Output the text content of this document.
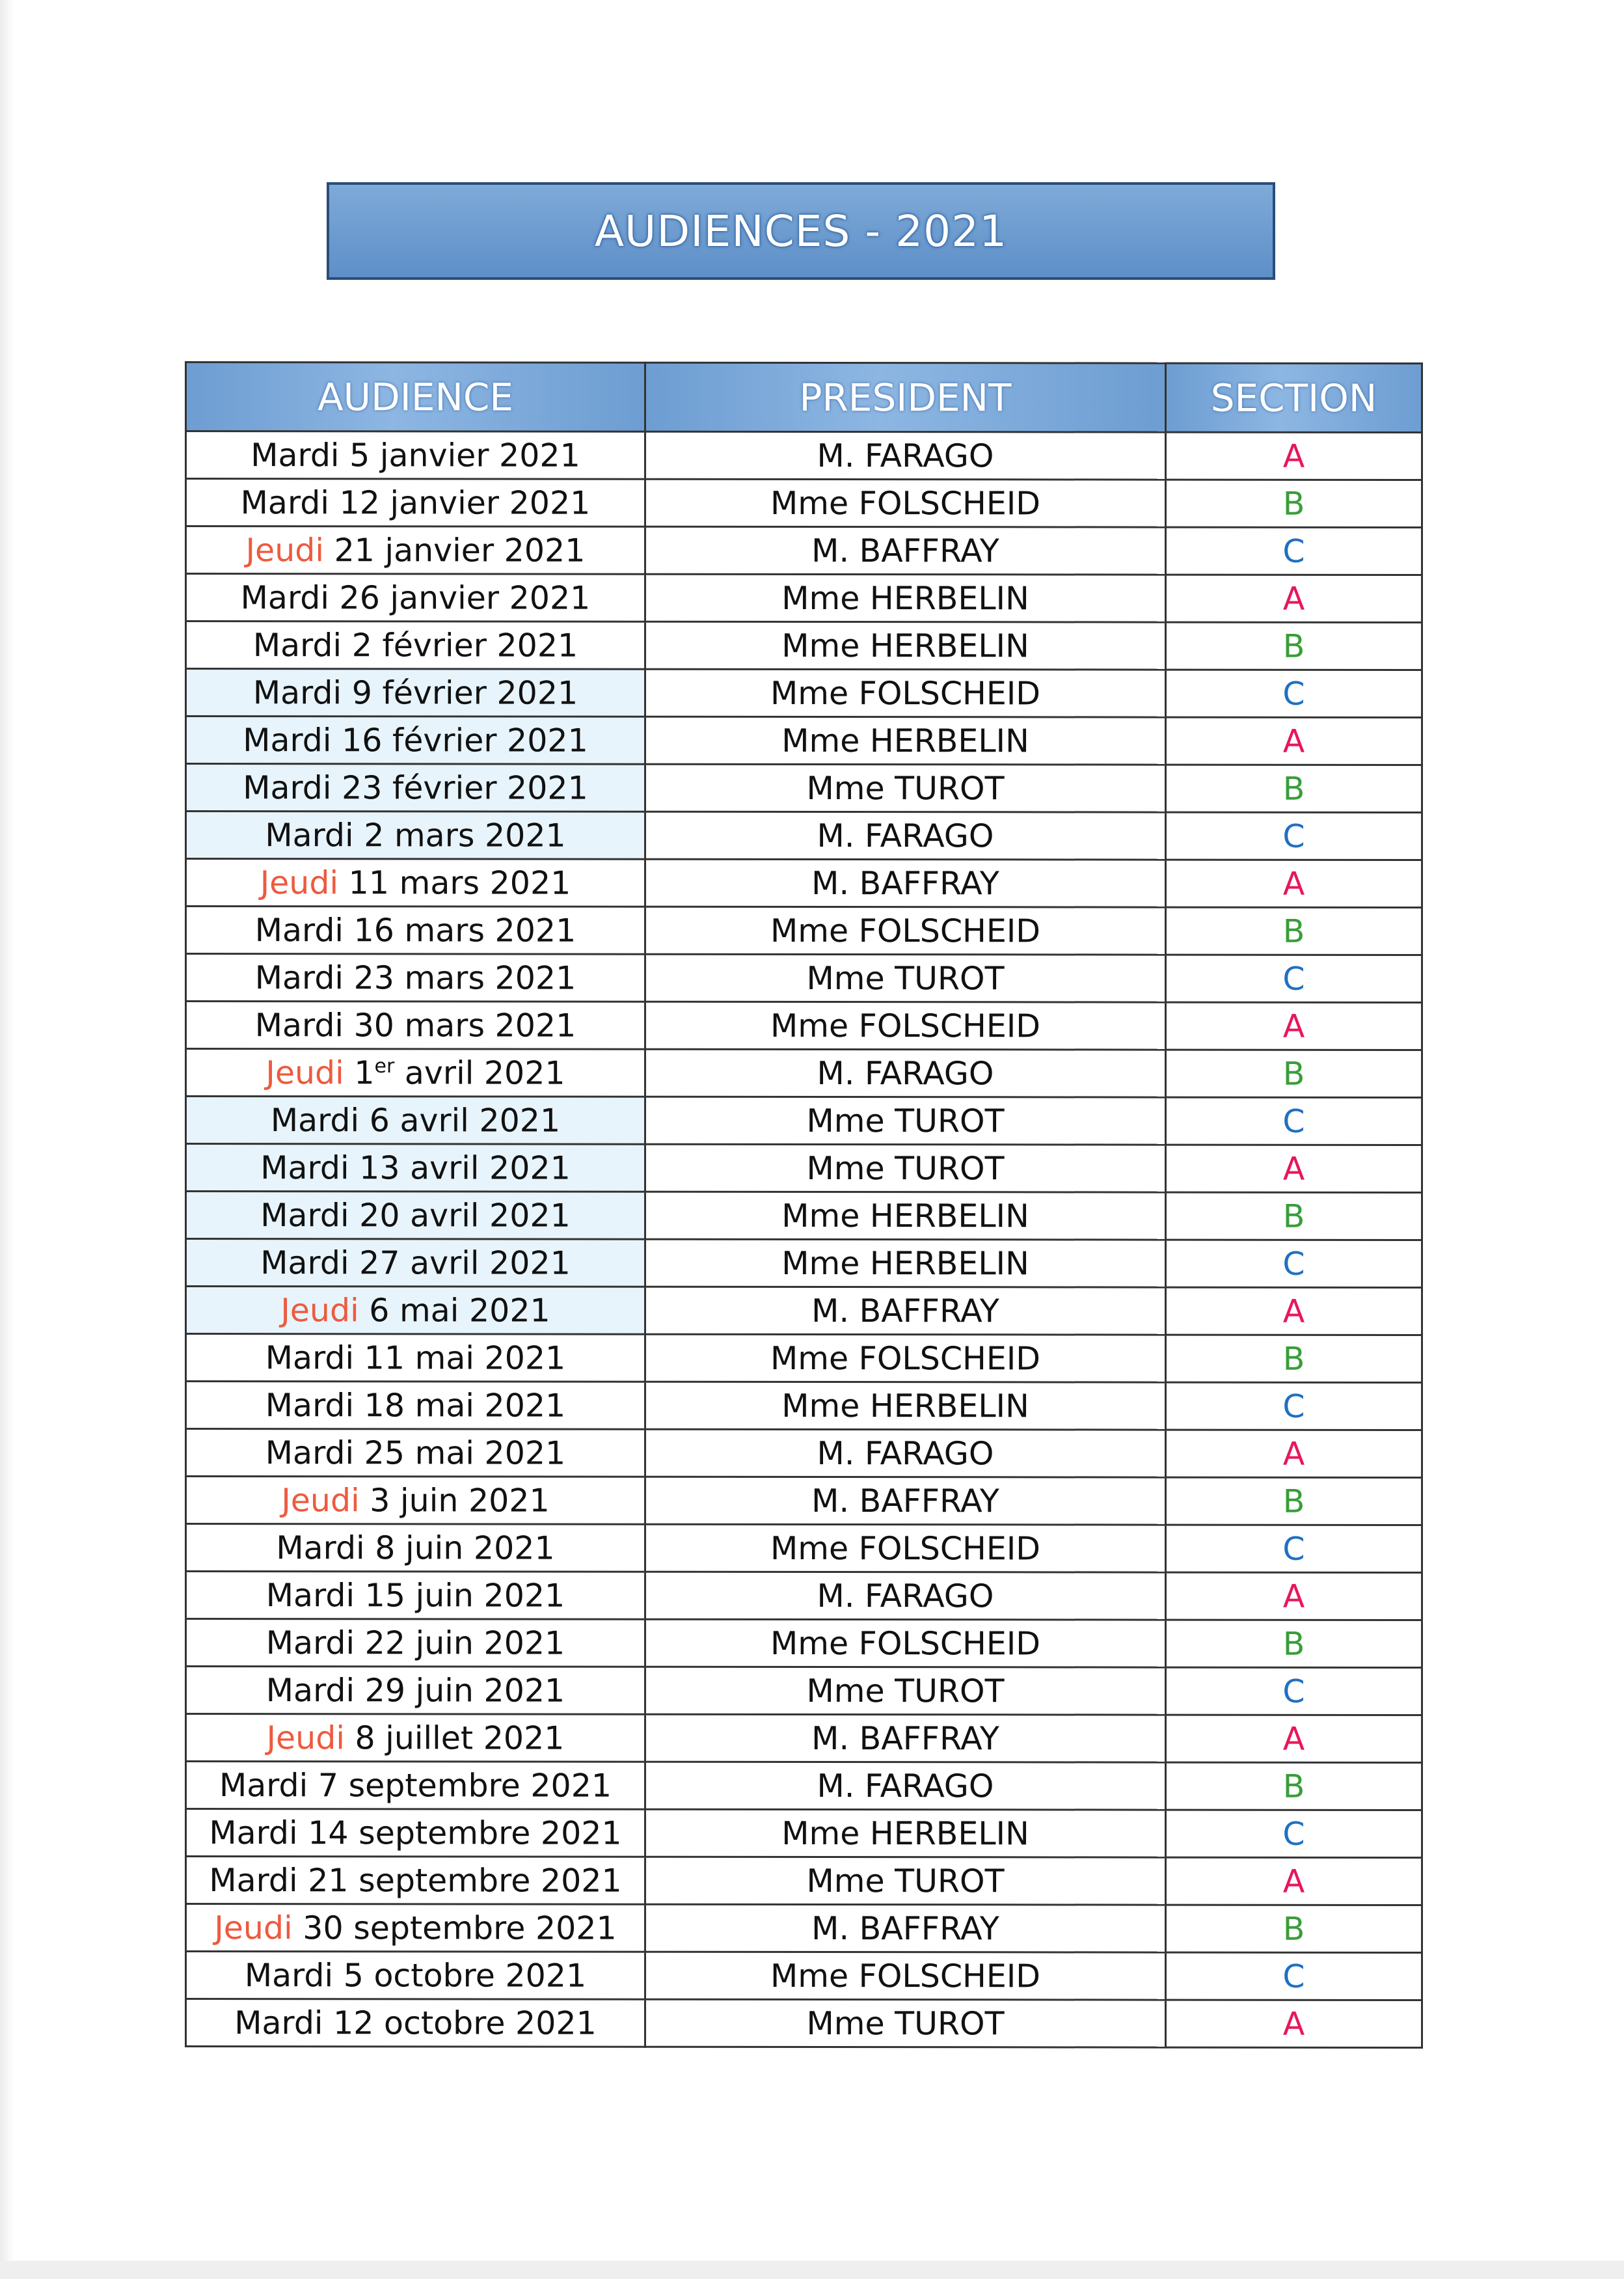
AUDIENCES - 2021
AUDIENCE	PRESIDENT	SECTION
Mardi 5 janvier 2021	M. FARAGO	A
Mardi 12 janvier 2021	Mme FOLSCHEID	B
Jeudi 21 janvier 2021	M. BAFFRAY	C
Mardi 26 janvier 2021	Mme HERBELIN	A
Mardi 2 février 2021	Mme HERBELIN	B
Mardi 9 février 2021	Mme FOLSCHEID	C
Mardi 16 février 2021	Mme HERBELIN	A
Mardi 23 février 2021	Mme TUROT	B
Mardi 2 mars 2021	M. FARAGO	C
Jeudi 11 mars 2021	M. BAFFRAY	A
Mardi 16 mars 2021	Mme FOLSCHEID	B
Mardi 23 mars 2021	Mme TUROT	C
Mardi 30 mars 2021	Mme FOLSCHEID	A
Jeudi 1er avril 2021	M. FARAGO	B
Mardi 6 avril 2021	Mme TUROT	C
Mardi 13 avril 2021	Mme TUROT	A
Mardi 20 avril 2021	Mme HERBELIN	B
Mardi 27 avril 2021	Mme HERBELIN	C
Jeudi 6 mai 2021	M. BAFFRAY	A
Mardi 11 mai 2021	Mme FOLSCHEID	B
Mardi 18 mai 2021	Mme HERBELIN	C
Mardi 25 mai 2021	M. FARAGO	A
Jeudi 3 juin 2021	M. BAFFRAY	B
Mardi 8 juin 2021	Mme FOLSCHEID	C
Mardi 15 juin 2021	M. FARAGO	A
Mardi 22 juin 2021	Mme FOLSCHEID	B
Mardi 29 juin 2021	Mme TUROT	C
Jeudi 8 juillet 2021	M. BAFFRAY	A
Mardi 7 septembre 2021	M. FARAGO	B
Mardi 14 septembre 2021	Mme HERBELIN	C
Mardi 21 septembre 2021	Mme TUROT	A
Jeudi 30 septembre 2021	M. BAFFRAY	B
Mardi 5 octobre 2021	Mme FOLSCHEID	C
Mardi 12 octobre 2021	Mme TUROT	A
